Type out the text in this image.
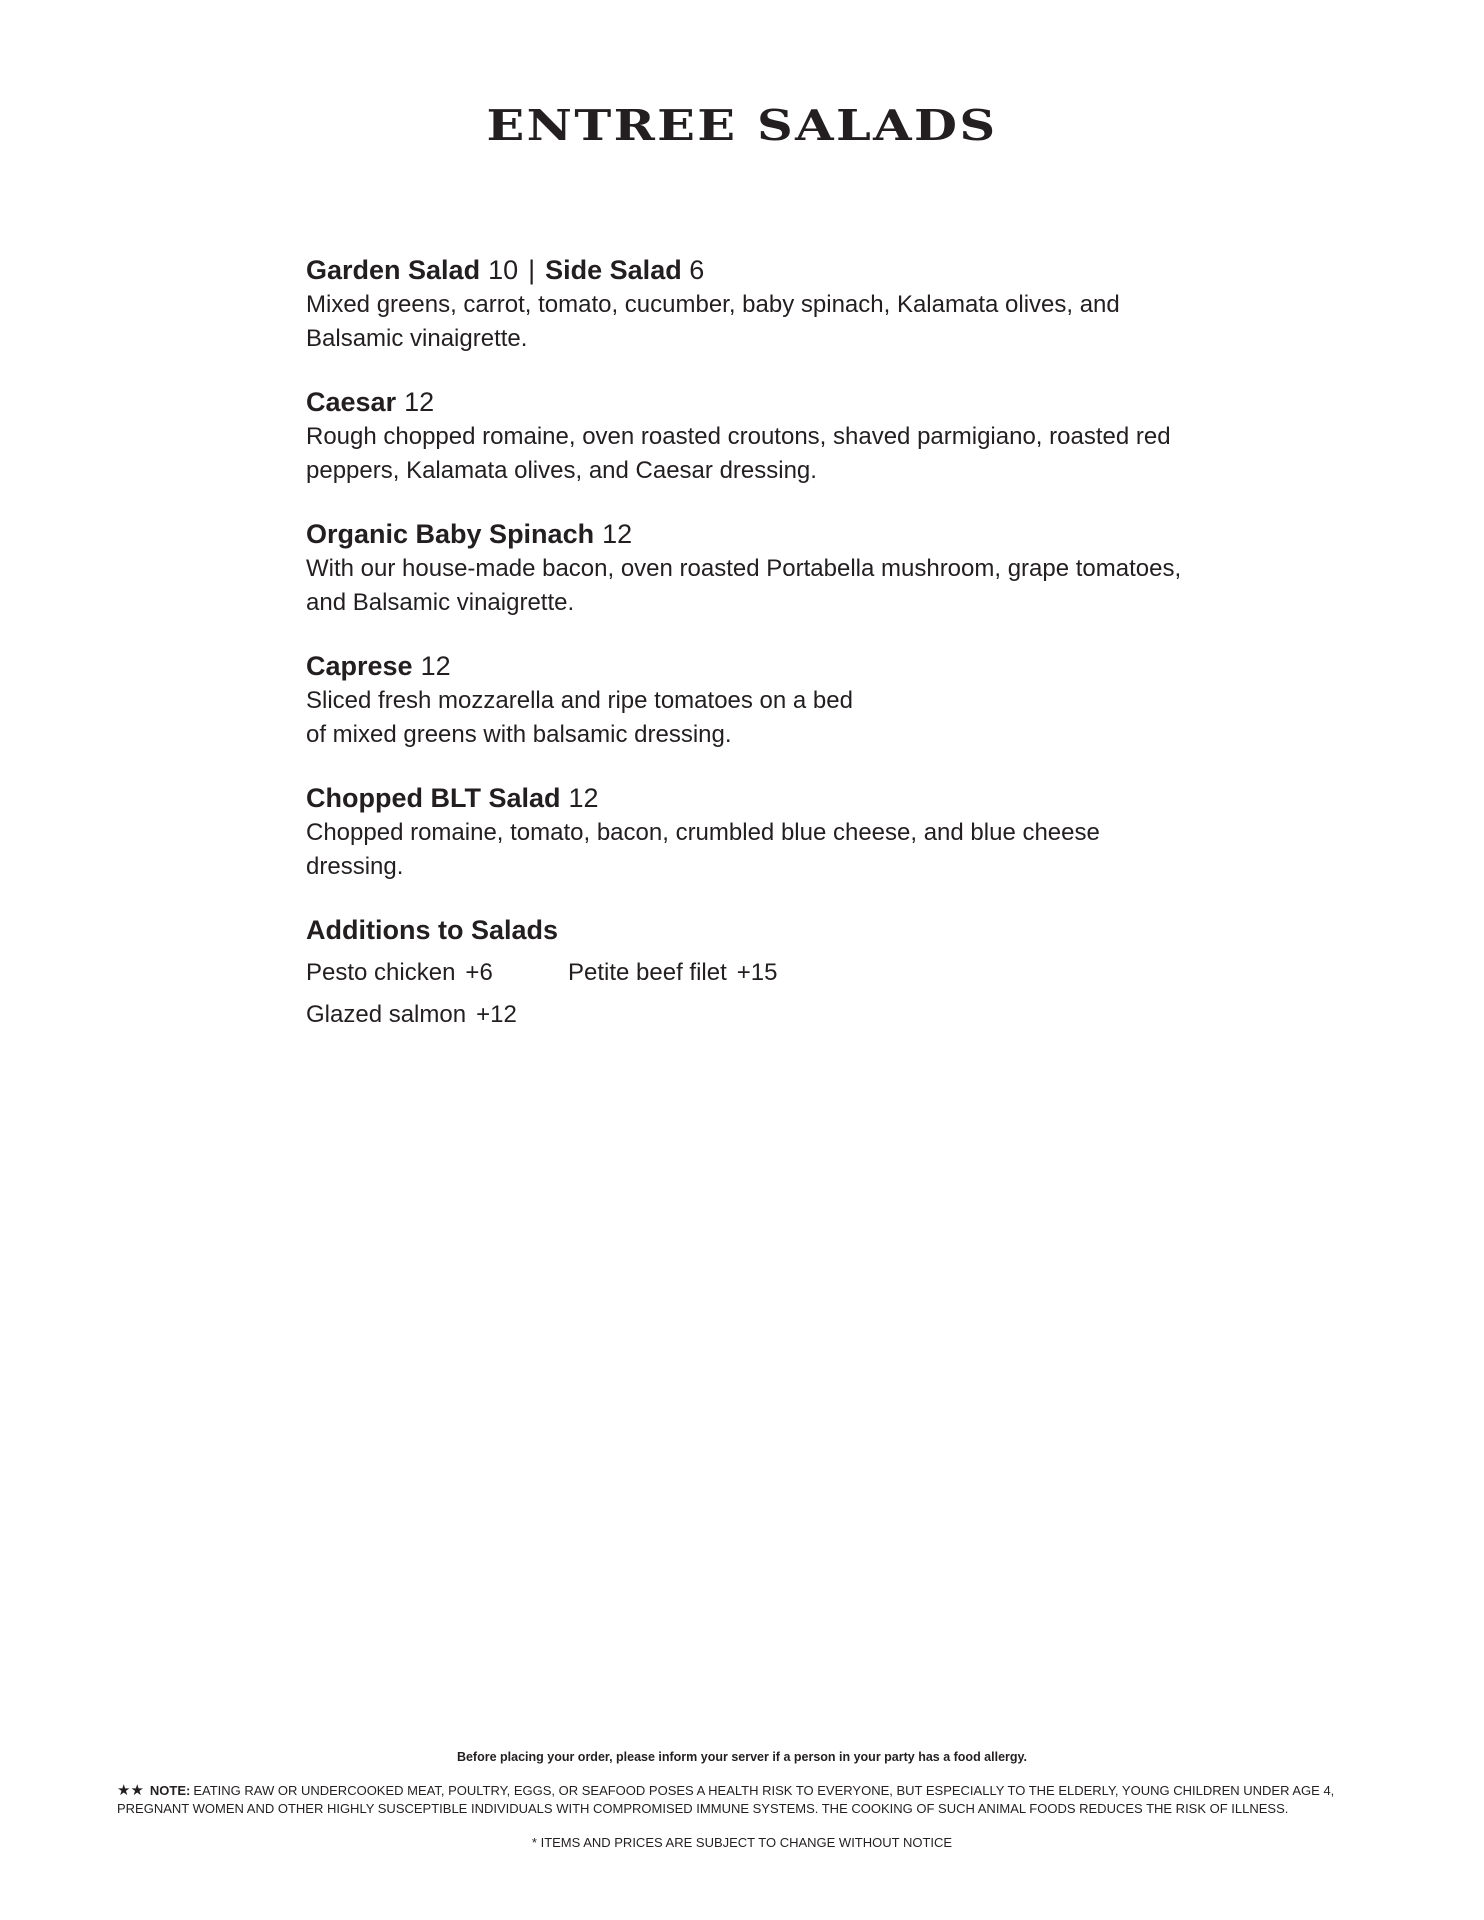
ENTREE SALADS
Garden Salad 10 | Side Salad 6
Mixed greens, carrot, tomato, cucumber, baby spinach, Kalamata olives, and Balsamic vinaigrette.
Caesar 12
Rough chopped romaine, oven roasted croutons, shaved parmigiano, roasted red peppers, Kalamata olives, and Caesar dressing.
Organic Baby Spinach 12
With our house-made bacon, oven roasted Portabella mushroom, grape tomatoes, and Balsamic vinaigrette.
Caprese 12
Sliced fresh mozzarella and ripe tomatoes on a bed
of mixed greens with balsamic dressing.
Chopped BLT Salad 12
Chopped romaine, tomato, bacon, crumbled blue cheese, and blue cheese dressing.
Additions to Salads
Pesto chicken +6	Petite beef filet +15
Glazed salmon +12
Before placing your order, please inform your server if a person in your party has a food allergy.
★★ NOTE: EATING RAW OR UNDERCOOKED MEAT, POULTRY, EGGS, OR SEAFOOD POSES A HEALTH RISK TO EVERYONE, BUT ESPECIALLY TO THE ELDERLY, YOUNG CHILDREN UNDER AGE 4, PREGNANT WOMEN AND OTHER HIGHLY SUSCEPTIBLE INDIVIDUALS WITH COMPROMISED IMMUNE SYSTEMS. THE COOKING OF SUCH ANIMAL FOODS REDUCES THE RISK OF ILLNESS.
* ITEMS AND PRICES ARE SUBJECT TO CHANGE WITHOUT NOTICE
